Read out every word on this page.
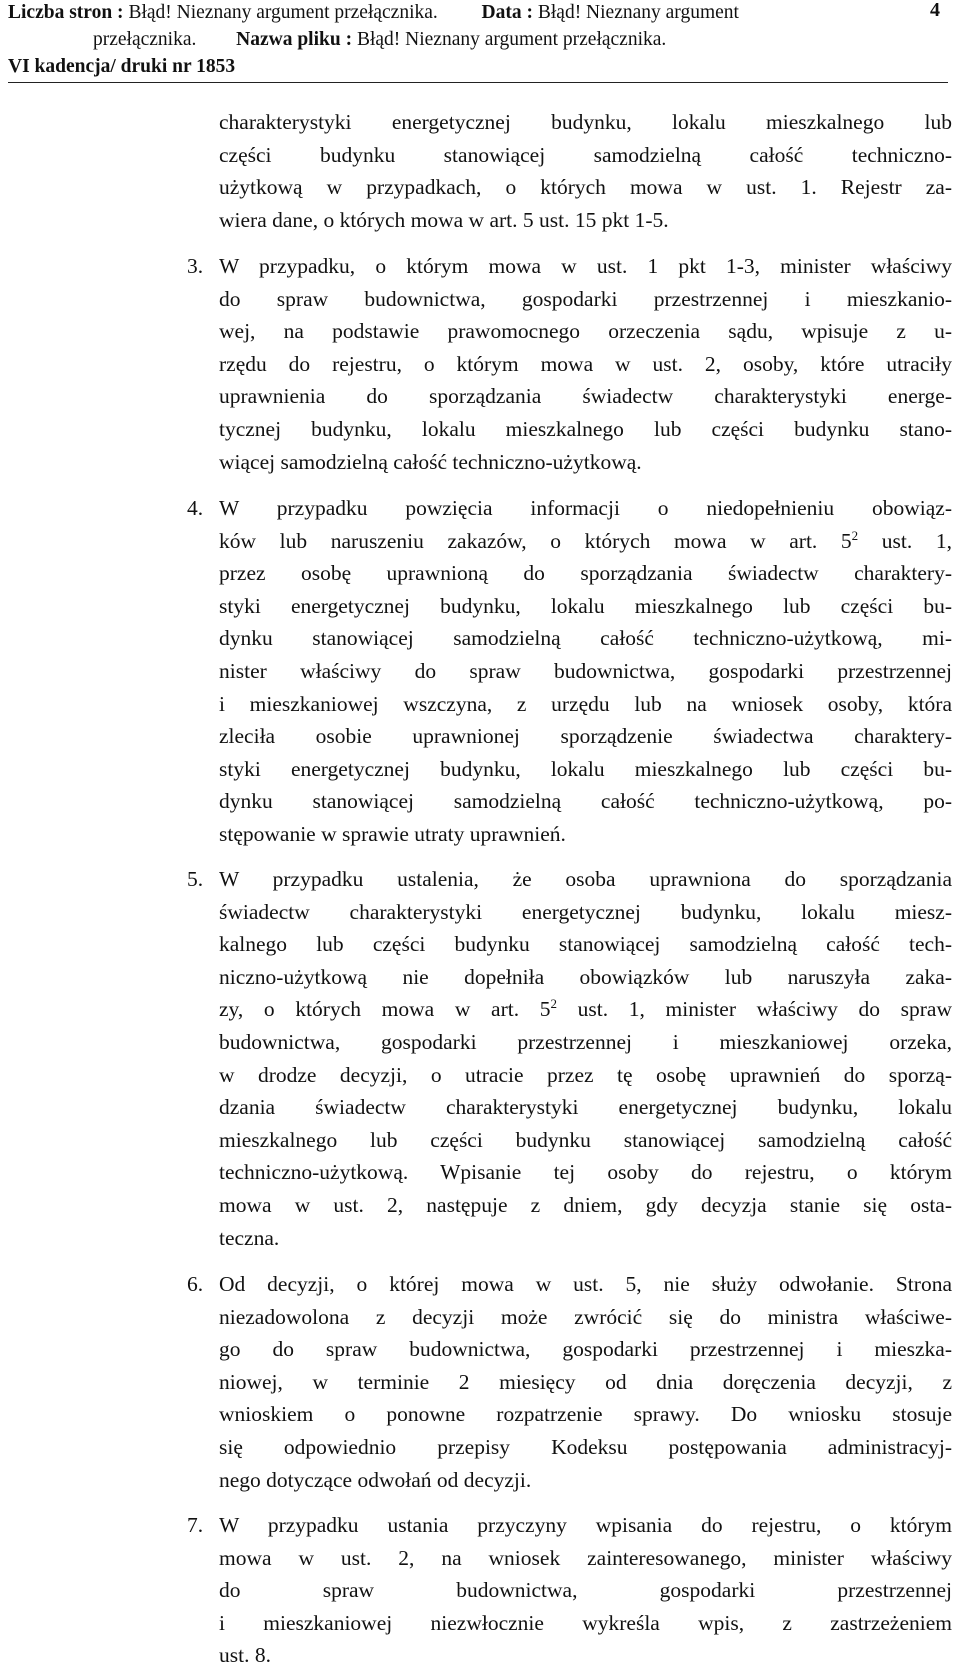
Liczba stron : Błąd! Nieznany argument przełącznika. Data : Błąd! Nieznany argument
przełącznika. Nazwa pliku : Błąd! Nieznany argument przełącznika.
VI kadencja/ druki nr 1853
4
charakterystyki energetycznej budynku, lokalu mieszkalnego lub
części budynku stanowiącej samodzielną całość techniczno-
użytkową w przypadkach, o których mowa w ust. 1. Rejestr za-
wiera dane, o których mowa w art. 5 ust. 15 pkt 1-5.
3. W przypadku, o którym mowa w ust. 1 pkt 1-3, minister właściwy
do spraw budownictwa, gospodarki przestrzennej i mieszkanio-
wej, na podstawie prawomocnego orzeczenia sądu, wpisuje z u-
rzędu do rejestru, o którym mowa w ust. 2, osoby, które utraciły
uprawnienia do sporządzania świadectw charakterystyki energe-
tycznej budynku, lokalu mieszkalnego lub części budynku stano-
wiącej samodzielną całość techniczno-użytkową.
4. W przypadku powzięcia informacji o niedopełnieniu obowiąz-
ków lub naruszeniu zakazów, o których mowa w art. $5^2$ ust. 1,
przez osobę uprawnioną do sporządzania świadectw charaktery-
styki energetycznej budynku, lokalu mieszkalnego lub części bu-
dynku stanowiącej samodzielną całość techniczno-użytkową, mi-
nister właściwy do spraw budownictwa, gospodarki przestrzennej
i mieszkaniowej wszczyna, z urzędu lub na wniosek osoby, która
zleciła osobie uprawnionej sporządzenie świadectwa charaktery-
styki energetycznej budynku, lokalu mieszkalnego lub części bu-
dynku stanowiącej samodzielną całość techniczno-użytkową, po-
stępowanie w sprawie utraty uprawnień.
5. W przypadku ustalenia, że osoba uprawniona do sporządzania
świadectw charakterystyki energetycznej budynku, lokalu miesz-
kalnego lub części budynku stanowiącej samodzielną całość tech-
niczno-użytkową nie dopełniła obowiązków lub naruszyła zaka-
zy, o których mowa w art. $5^2$ ust. 1, minister właściwy do spraw
budownictwa, gospodarki przestrzennej i mieszkaniowej orzeka,
w drodze decyzji, o utracie przez tę osobę uprawnień do sporzą-
dzania świadectw charakterystyki energetycznej budynku, lokalu
mieszkalnego lub części budynku stanowiącej samodzielną całość
techniczno-użytkową. Wpisanie tej osoby do rejestru, o którym
mowa w ust. 2, następuje z dniem, gdy decyzja stanie się osta-
teczna.
6. Od decyzji, o której mowa w ust. 5, nie służy odwołanie. Strona
niezadowolona z decyzji może zwrócić się do ministra właściwe-
go do spraw budownictwa, gospodarki przestrzennej i mieszka-
niowej, w terminie 2 miesięcy od dnia doręczenia decyzji, z
wnioskiem o ponowne rozpatrzenie sprawy. Do wniosku stosuje
się odpowiednio przepisy Kodeksu postępowania administracyj-
nego dotyczące odwołań od decyzji.
7. W przypadku ustania przyczyny wpisania do rejestru, o którym
mowa w ust. 2, na wniosek zainteresowanego, minister właściwy
do spraw budownictwa, gospodarki przestrzennej
i mieszkaniowej niezwłocznie wykreśla wpis, z zastrzeżeniem
ust. 8.
